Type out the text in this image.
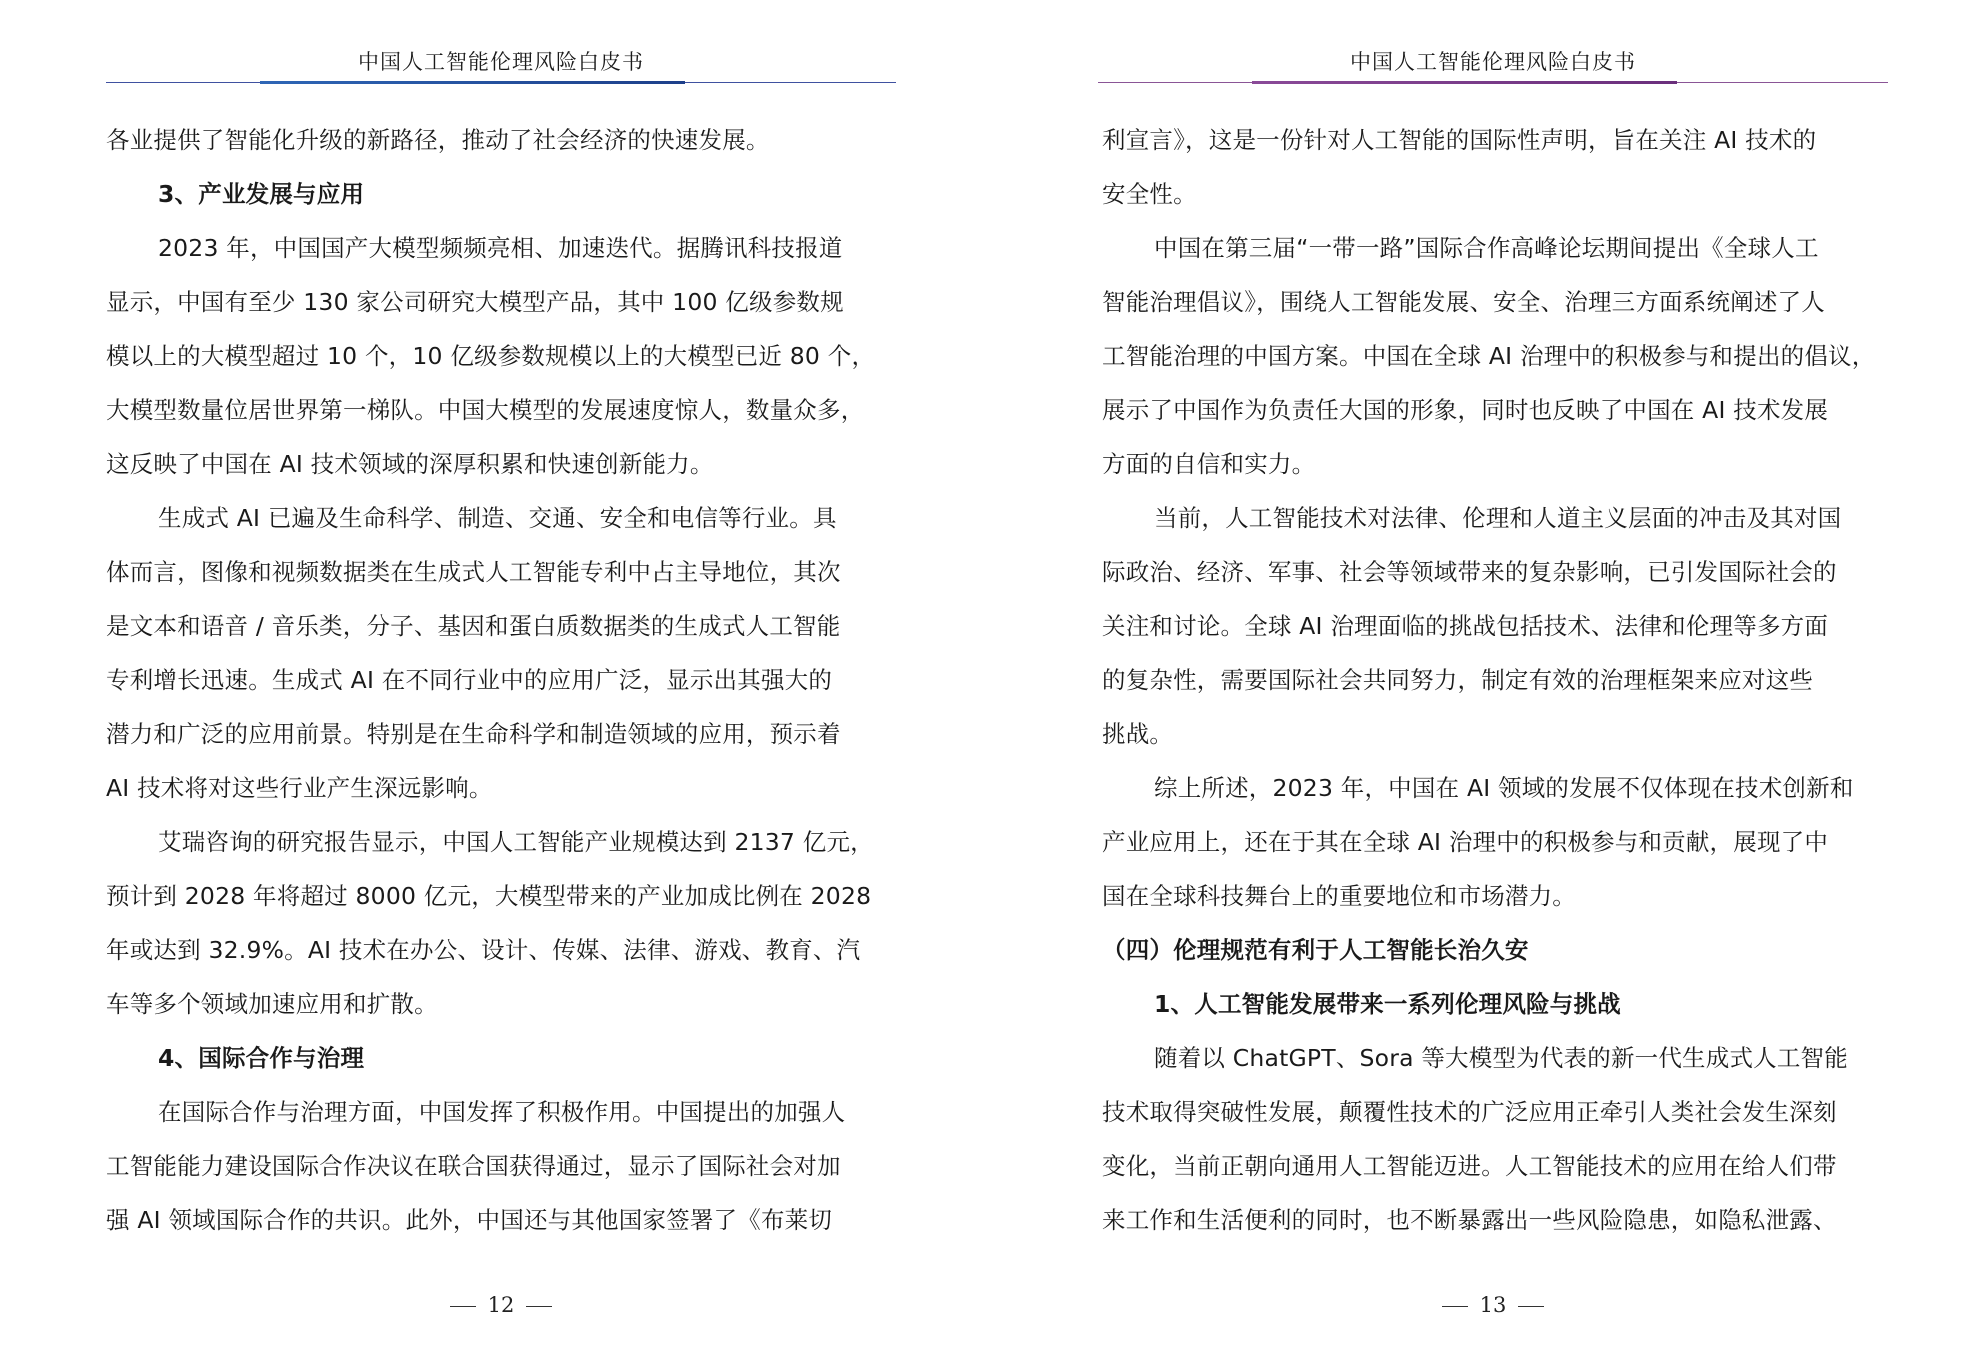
中国人工智能伦理风险白皮书

各业提供了智能化升级的新路径，推动了社会经济的快速发展。

3、产业发展与应用

2023 年，中国国产大模型频频亮相、加速迭代。据腾讯科技报道

显示，中国有至少 130 家公司研究大模型产品，其中 100 亿级参数规

模以上的大模型超过 10 个，10 亿级参数规模以上的大模型已近 80 个，

大模型数量位居世界第一梯队。中国大模型的发展速度惊人，数量众多，

这反映了中国在 AI 技术领域的深厚积累和快速创新能力。

生成式 AI 已遍及生命科学、制造、交通、安全和电信等行业。具

体而言，图像和视频数据类在生成式人工智能专利中占主导地位，其次

是文本和语音 / 音乐类，分子、基因和蛋白质数据类的生成式人工智能

专利增长迅速。生成式 AI 在不同行业中的应用广泛，显示出其强大的

潜力和广泛的应用前景。特别是在生命科学和制造领域的应用，预示着

AI 技术将对这些行业产生深远影响。

艾瑞咨询的研究报告显示，中国人工智能产业规模达到 2137 亿元，

预计到 2028 年将超过 8000 亿元，大模型带来的产业加成比例在 2028

年或达到 32.9%。AI 技术在办公、设计、传媒、法律、游戏、教育、汽

车等多个领域加速应用和扩散。

4、国际合作与治理

在国际合作与治理方面，中国发挥了积极作用。中国提出的加强人

工智能能力建设国际合作决议在联合国获得通过，显示了国际社会对加

强 AI 领域国际合作的共识。此外，中国还与其他国家签署了《布莱切

12
中国人工智能伦理风险白皮书

利宣言》，这是一份针对人工智能的国际性声明，旨在关注 AI 技术的

安全性。

中国在第三届“一带一路”国际合作高峰论坛期间提出《全球人工

智能治理倡议》，围绕人工智能发展、安全、治理三方面系统阐述了人

工智能治理的中国方案。中国在全球 AI 治理中的积极参与和提出的倡议，

展示了中国作为负责任大国的形象，同时也反映了中国在 AI 技术发展

方面的自信和实力。

当前，人工智能技术对法律、伦理和人道主义层面的冲击及其对国

际政治、经济、军事、社会等领域带来的复杂影响，已引发国际社会的

关注和讨论。全球 AI 治理面临的挑战包括技术、法律和伦理等多方面

的复杂性，需要国际社会共同努力，制定有效的治理框架来应对这些

挑战。

综上所述，2023 年，中国在 AI 领域的发展不仅体现在技术创新和

产业应用上，还在于其在全球 AI 治理中的积极参与和贡献，展现了中

国在全球科技舞台上的重要地位和市场潜力。

（四）伦理规范有利于人工智能长治久安

1、人工智能发展带来一系列伦理风险与挑战

随着以 ChatGPT、Sora 等大模型为代表的新一代生成式人工智能

技术取得突破性发展，颠覆性技术的广泛应用正牵引人类社会发生深刻

变化，当前正朝向通用人工智能迈进。人工智能技术的应用在给人们带

来工作和生活便利的同时，也不断暴露出一些风险隐患，如隐私泄露、

13
